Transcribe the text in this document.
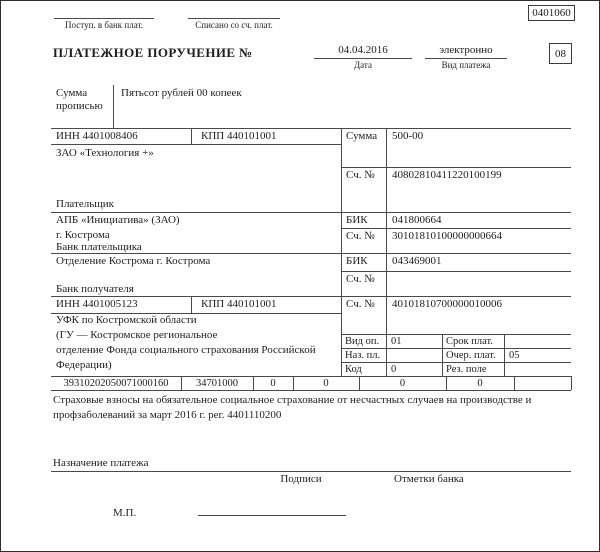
Поступ. в банк плат.	Списано со сч. плат.
0401060
ПЛАТЕЖНОЕ ПОРУЧЕНИЕ №	04.04.2016
Дата
электронно
Вид платежа
08
Сумма прописью
Пятьсот рублей 00 копеек
ИНН 4401008406	КПП 440101001
ЗАО «Технология +»
Плательщик
Сумма 500-00
Сч. № 40802810411220100199
АПБ «Инициатива» (ЗАО)
г. Кострома
Банк плательщика
БИК 041800664
Сч. № 30101810100000000664
Отделение Кострома г. Кострома
Банк получателя
БИК 043469001
Сч. №
ИНН 4401005123	КПП 440101001
УФК по Костромской области
(ГУ — Костромское региональное
отделение Фонда социального страхования Российской
Федерации)
Сч. № 40101810700000010006
Вид оп. 01	Срок плат.
Наз. пл.	Очер. плат. 05
Код	0	Рез. поле
39310202050071000160	34701000	0	0	0	0
Страховые взносы на обязательное социальное страхование от несчастных случаев на производстве и
профзаболеваний за март 2016 г. рег. 4401110200
Назначение платежа
Подписи	Отметки банка
М.П.
